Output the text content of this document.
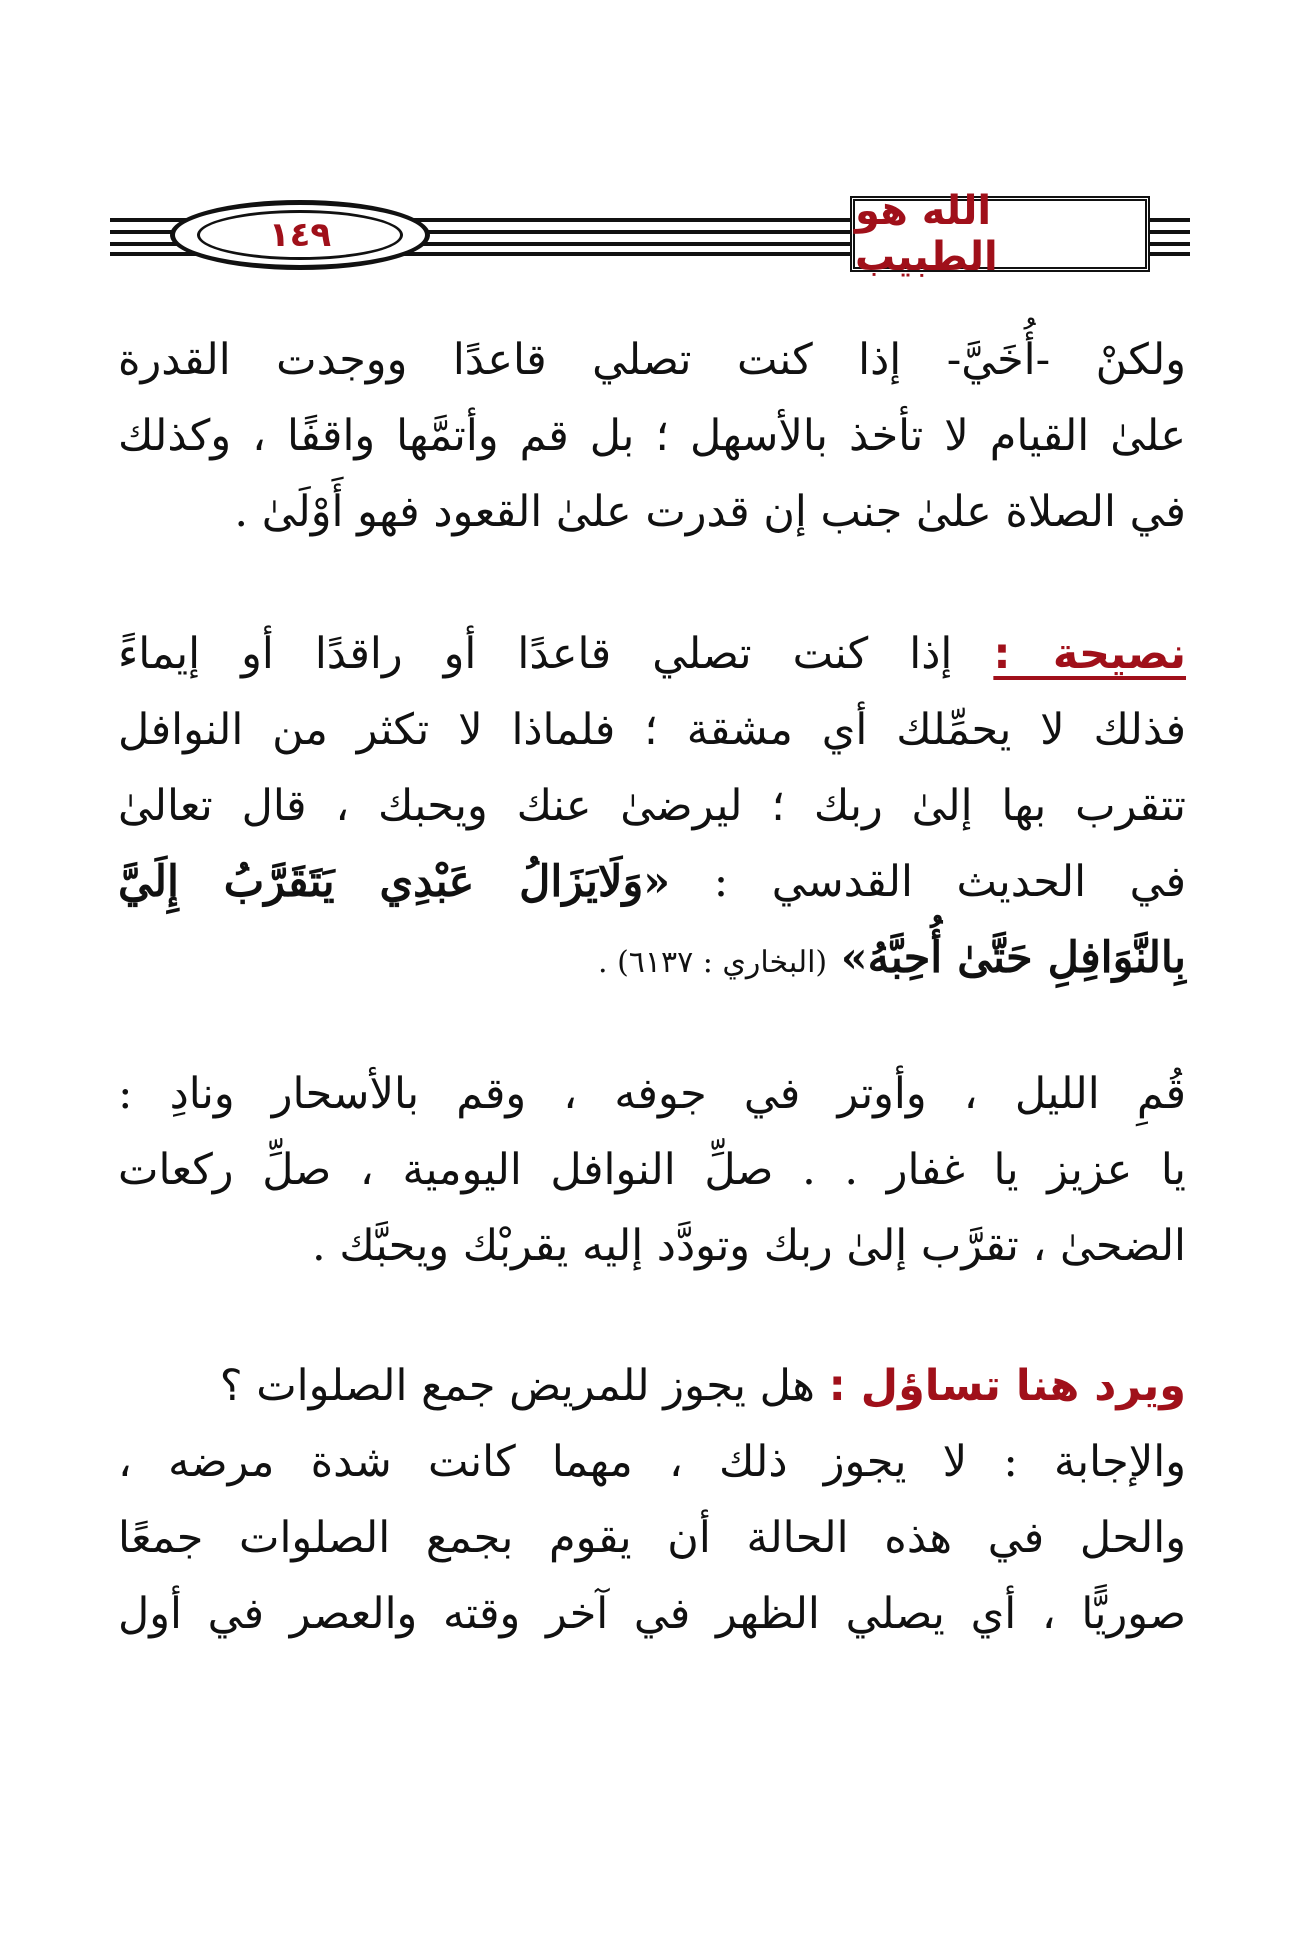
١٤٩
الله هو الطبيب
ولكنْ -أُخَيَّ- إذا كنت تصلي قاعدًا ووجدت القدرة
علىٰ القيام لا تأخذ بالأسهل ؛ بل قم وأتمَّها واقفًا ، وكذلك
في الصلاة علىٰ جنب إن قدرت علىٰ القعود فهو أَوْلَىٰ .
نصيحة : إذا كنت تصلي قاعدًا أو راقدًا أو إيماءً
فذلك لا يحمِّلك أي مشقة ؛ فلماذا لا تكثر من النوافل
تتقرب بها إلىٰ ربك ؛ ليرضىٰ عنك ويحبك ، قال تعالىٰ
في الحديث القدسي : «وَلَايَزَالُ عَبْدِي يَتَقَرَّبُ إِلَيَّ
بِالنَّوَافِلِ حَتَّىٰ أُحِبَّهُ» (البخاري : ٦١٣٧) .
قُمِ الليل ، وأوتر في جوفه ، وقم بالأسحار ونادِ :
يا عزيز يا غفار . . صلِّ النوافل اليومية ، صلِّ ركعات
الضحىٰ ، تقرَّب إلىٰ ربك وتودَّد إليه يقربْك ويحبَّك .
ويرد هنا تساؤل : هل يجوز للمريض جمع الصلوات ؟
والإجابة : لا يجوز ذلك ، مهما كانت شدة مرضه ،
والحل في هذه الحالة أن يقوم بجمع الصلوات جمعًا
صوريًّا ، أي يصلي الظهر في آخر وقته والعصر في أول
